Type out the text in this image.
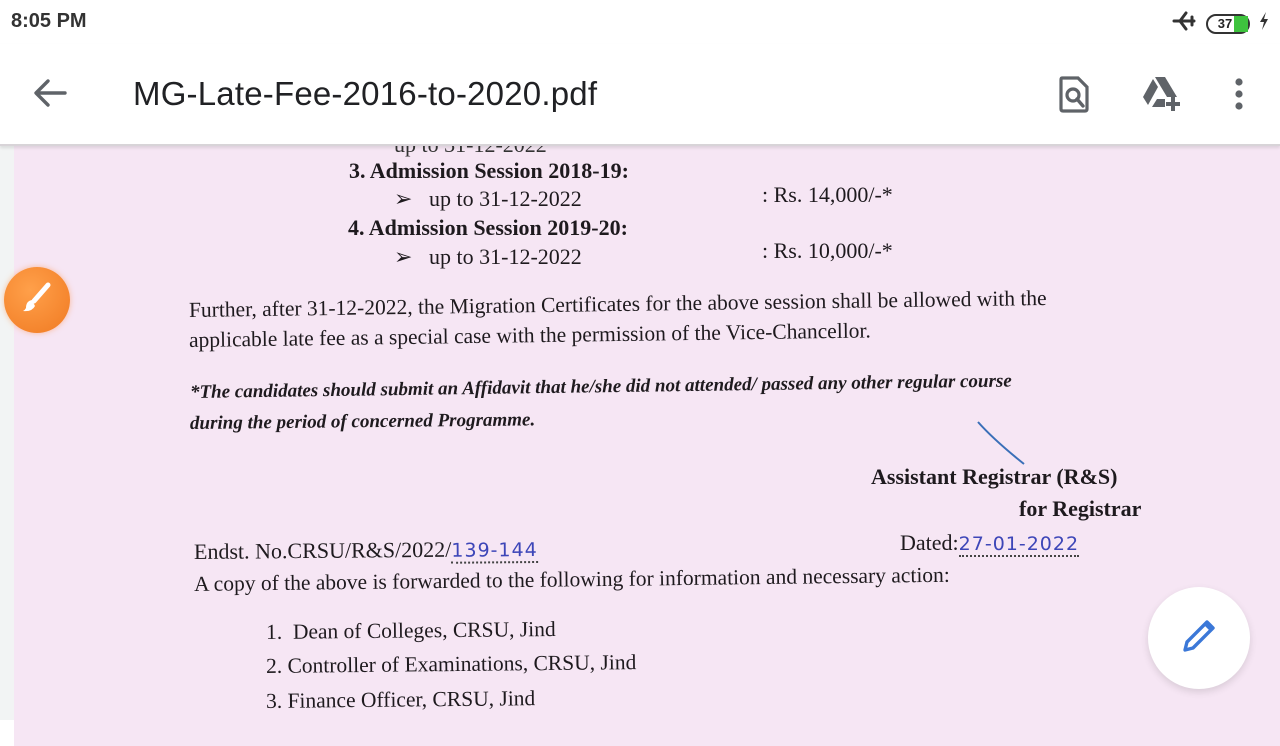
8:05 PM	37
MG-Late-Fee-2016-to-2020.pdf
3. Admission Session 2018-19:
➢ up to 31-12-2022	: Rs. 14,000/-*
4. Admission Session 2019-20:
➢ up to 31-12-2022	: Rs. 10,000/-*
Further, after 31-12-2022, the Migration Certificates for the above session shall be allowed with the
applicable late fee as a special case with the permission of the Vice-Chancellor.
*The candidates should submit an Affidavit that he/she did not attended/ passed any other regular course
during the period of concerned Programme.
Assistant Registrar (R&S)
for Registrar
Endst. No.CRSU/R&S/2022/139-144	Dated:27-01-2022
A copy of the above is forwarded to the following for information and necessary action:
1. Dean of Colleges, CRSU, Jind
2. Controller of Examinations, CRSU, Jind
3. Finance Officer, CRSU, Jind
